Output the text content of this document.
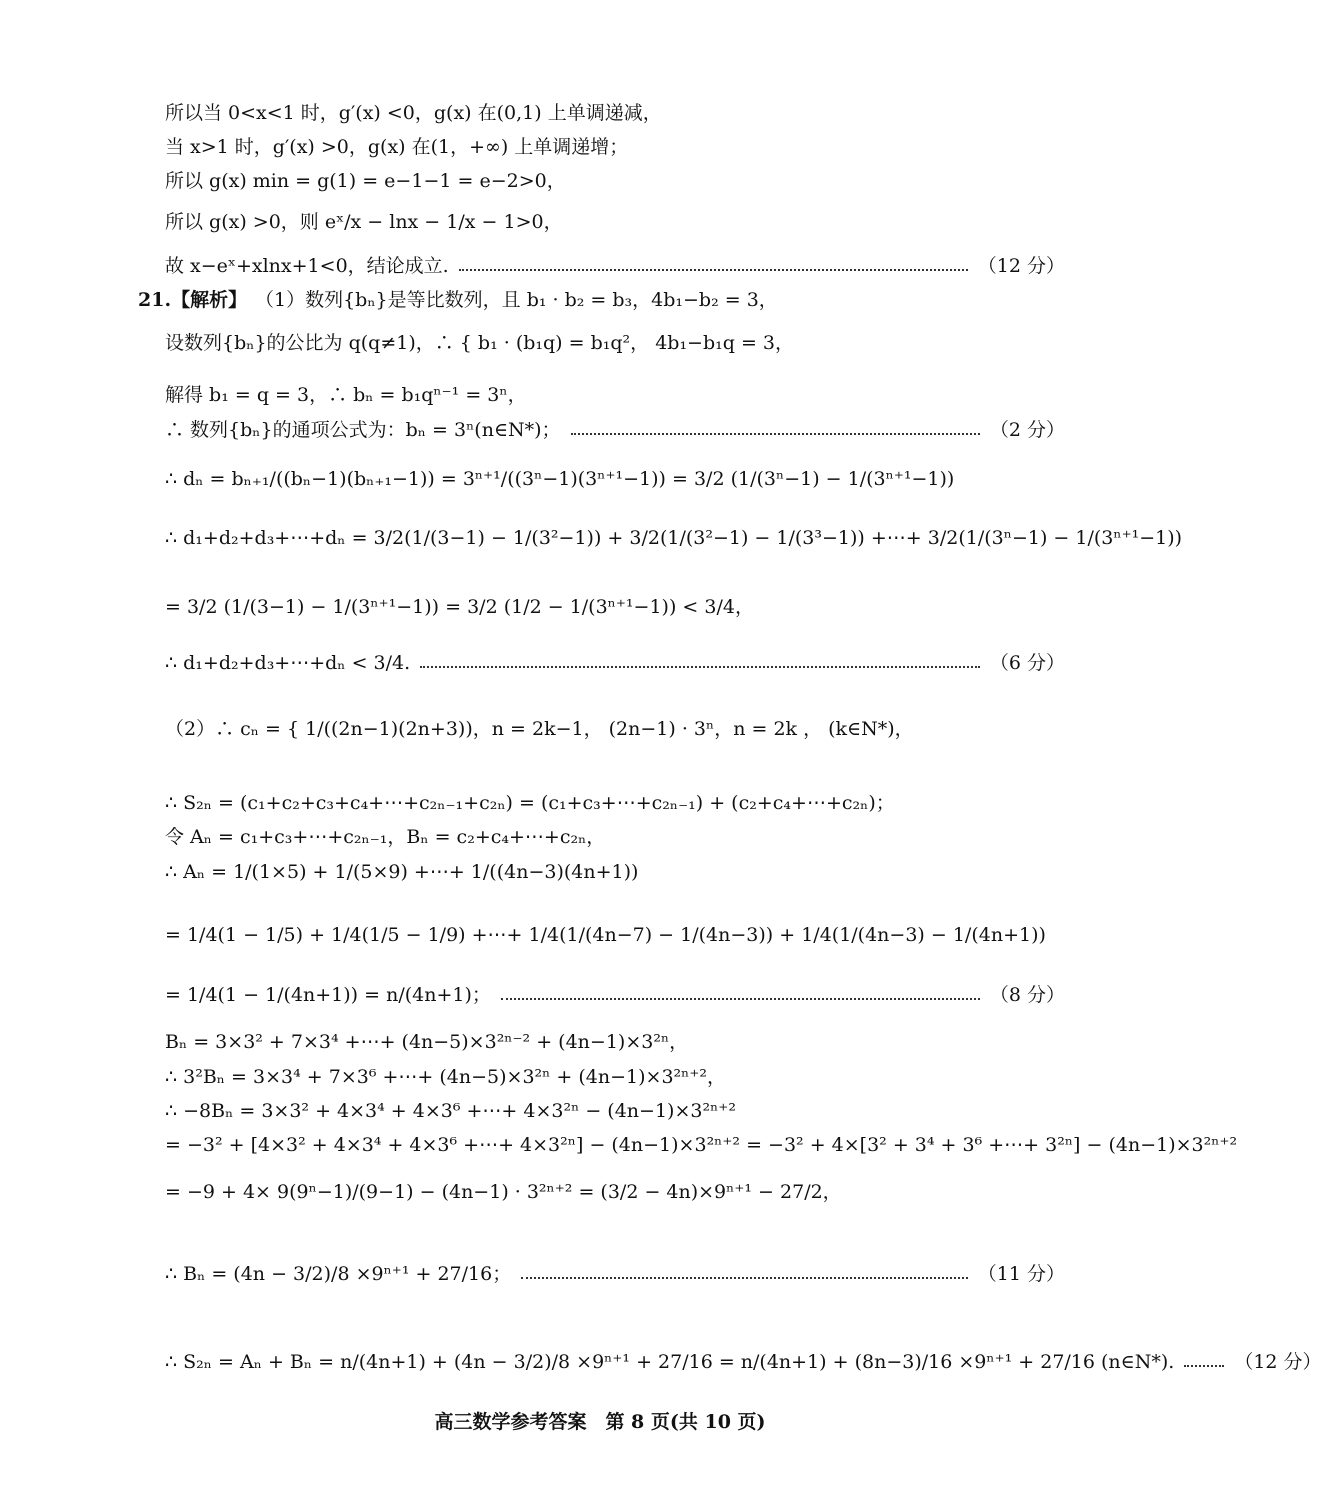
所以当 0<x<1 时，g′(x) <0，g(x) 在(0,1) 上单调递减，
当 x>1 时，g′(x) >0，g(x) 在(1，+∞) 上单调递增；
所以 g(x) min = g(1) = e−1−1 = e−2>0，
所以 g(x) >0，则 eˣ/x − lnx − 1/x − 1>0，
故 x−eˣ+xlnx+1<0，结论成立.	（12 分）
21.【解析】 （1）数列{bₙ}是等比数列，且 b₁ · b₂ = b₃，4b₁−b₂ = 3，
设数列{bₙ}的公比为 q(q≠1)，∴ { b₁ · (b₁q) = b₁q²， 4b₁−b₁q = 3，
解得 b₁ = q = 3，∴ bₙ = b₁qⁿ⁻¹ = 3ⁿ，
∴ 数列{bₙ}的通项公式为：bₙ = 3ⁿ(n∈N*)；	（2 分）
∴ dₙ = bₙ₊₁/((bₙ−1)(bₙ₊₁−1)) = 3ⁿ⁺¹/((3ⁿ−1)(3ⁿ⁺¹−1)) = 3/2 (1/(3ⁿ−1) − 1/(3ⁿ⁺¹−1))
∴ d₁+d₂+d₃+⋯+dₙ = 3/2(1/(3−1) − 1/(3²−1)) + 3/2(1/(3²−1) − 1/(3³−1)) +⋯+ 3/2(1/(3ⁿ−1) − 1/(3ⁿ⁺¹−1))
= 3/2 (1/(3−1) − 1/(3ⁿ⁺¹−1)) = 3/2 (1/2 − 1/(3ⁿ⁺¹−1)) < 3/4，
∴ d₁+d₂+d₃+⋯+dₙ < 3/4.	（6 分）
（2）∴ cₙ = { 1/((2n−1)(2n+3))，n = 2k−1， (2n−1) · 3ⁿ，n = 2k ， (k∈N*)，
∴ S₂ₙ = (c₁+c₂+c₃+c₄+⋯+c₂ₙ₋₁+c₂ₙ) = (c₁+c₃+⋯+c₂ₙ₋₁) + (c₂+c₄+⋯+c₂ₙ)；
令 Aₙ = c₁+c₃+⋯+c₂ₙ₋₁，Bₙ = c₂+c₄+⋯+c₂ₙ，
∴ Aₙ = 1/(1×5) + 1/(5×9) +⋯+ 1/((4n−3)(4n+1))
= 1/4(1 − 1/5) + 1/4(1/5 − 1/9) +⋯+ 1/4(1/(4n−7) − 1/(4n−3)) + 1/4(1/(4n−3) − 1/(4n+1))
= 1/4(1 − 1/(4n+1)) = n/(4n+1)；	（8 分）
Bₙ = 3×3² + 7×3⁴ +⋯+ (4n−5)×3²ⁿ⁻² + (4n−1)×3²ⁿ，
∴ 3²Bₙ = 3×3⁴ + 7×3⁶ +⋯+ (4n−5)×3²ⁿ + (4n−1)×3²ⁿ⁺²，
∴ −8Bₙ = 3×3² + 4×3⁴ + 4×3⁶ +⋯+ 4×3²ⁿ − (4n−1)×3²ⁿ⁺²
= −3² + [4×3² + 4×3⁴ + 4×3⁶ +⋯+ 4×3²ⁿ] − (4n−1)×3²ⁿ⁺² = −3² + 4×[3² + 3⁴ + 3⁶ +⋯+ 3²ⁿ] − (4n−1)×3²ⁿ⁺²
= −9 + 4× 9(9ⁿ−1)/(9−1) − (4n−1) · 3²ⁿ⁺² = (3/2 − 4n)×9ⁿ⁺¹ − 27/2，
∴ Bₙ = (4n − 3/2)/8 ×9ⁿ⁺¹ + 27/16；	（11 分）
∴ S₂ₙ = Aₙ + Bₙ = n/(4n+1) + (4n − 3/2)/8 ×9ⁿ⁺¹ + 27/16 = n/(4n+1) + (8n−3)/16 ×9ⁿ⁺¹ + 27/16 (n∈N*).	（12 分）
高三数学参考答案　第 8 页(共 10 页)
